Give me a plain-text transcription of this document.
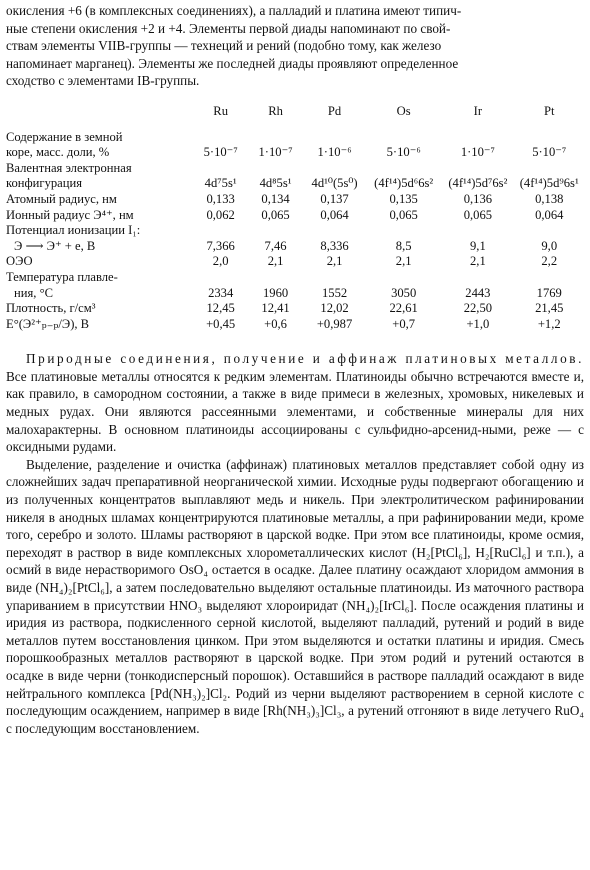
окисления +6 (в комплексных соединениях), а палладий и платина имеют типич-
ные степени окисления +2 и +4. Элементы первой диады напоминают по свой-
ствам элементы VIIB-группы — технеций и рений (подобно тому, как железо
напоминает марганец). Элементы же последней диады проявляют определенное
сходство с элементами IB-группы.
	Ru	Rh	Pd	Os	Ir	Pt
Содержание в земной
коре, масс. доли, %	5·10⁻⁷	1·10⁻⁷	1·10⁻⁶	5·10⁻⁶	1·10⁻⁷	5·10⁻⁷
Валентная электронная
конфигурация	4d⁷5s¹	4d⁸5s¹	4d¹⁰(5s⁰)	(4f¹⁴)5d⁶6s²	(4f¹⁴)5d⁷6s²	(4f¹⁴)5d⁹6s¹
Атомный радиус, нм	0,133	0,134	0,137	0,135	0,136	0,138
Ионный радиус Э⁴⁺, нм	0,062	0,065	0,064	0,065	0,065	0,064
Потенциал ионизации I₁:						
Э ⟶ Э⁺ + e, В	7,366	7,46	8,336	8,5	9,1	9,0
ОЭО	2,0	2,1	2,1	2,1	2,1	2,2
Температура плавле-
ния, °C	2334	1960	1552	3050	2443	1769
Плотность, г/см³	12,45	12,41	12,02	22,61	22,50	21,45
E°(Э²⁺ₚ₋ₚ/Э), В	+0,45	+0,6	+0,987	+0,7	+1,0	+1,2

Природные соединения, получение и аффинаж платиновых металлов. Все платиновые металлы относятся к редким элементам. Платиноиды обычно встречаются вместе и, как правило, в самородном состоянии, а также в виде примеси в железных, хромовых, никелевых и медных рудах. Они являются рассеянными элементами, и собственные минералы для них малохарактерны. В основном платиноиды ассоциированы с сульфидно-арсенид-ными, реже — с оксидными рудами.

Выделение, разделение и очистка (аффинаж) платиновых металлов представляет собой одну из сложнейших задач препаративной неорганической химии. Исходные руды подвергают обогащению и из полученных концентратов выплавляют медь и никель. При электролитическом рафинировании никеля в анодных шламах концентрируются платиновые металлы, а при рафинировании меди, кроме того, серебро и золото. Шламы растворяют в царской водке. При этом все платиноиды, кроме осмия, переходят в раствор в виде комплексных хлорометаллических кислот (H₂[PtCl₆], H₂[RuCl₆] и т.п.), а осмий в виде нерастворимого OsO₄ остается в осадке. Далее платину осаждают хлоридом аммония в виде (NH₄)₂[PtCl₆], а затем последовательно выделяют остальные платиноиды. Из маточного раствора упариванием в присутствии HNO₃ выделяют хлороиридат (NH₄)₂[IrCl₆]. После осаждения платины и иридия из раствора, подкисленного серной кислотой, выделяют палладий, рутений и родий в виде металлов путем восстановления цинком. При этом выделяются и остатки платины и иридия. Смесь порошкообразных металлов растворяют в царской водке. При этом родий и рутений остаются в осадке в виде черни (тонкодисперсный порошок). Оставшийся в растворе палладий осаждают в виде нейтрального комплекса [Pd(NH₃)₂]Cl₂. Родий из черни выделяют растворением в серной кислоте с последующим осаждением, например в виде [Rh(NH₃)₃]Cl₃, а рутений отгоняют в виде летучего RuO₄ с последующим восстановлением.
